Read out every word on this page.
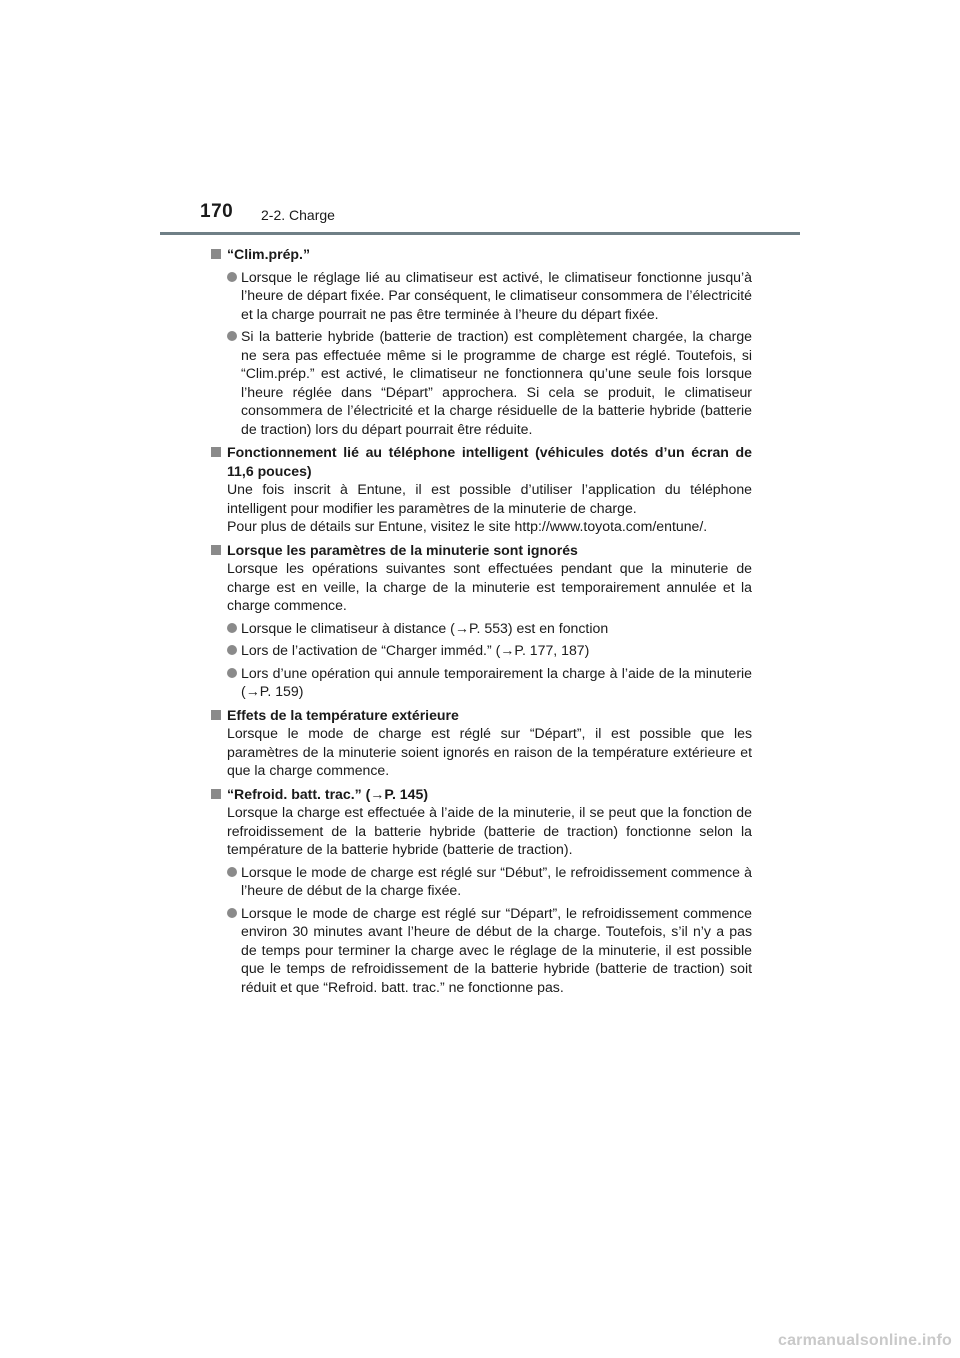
170 2-2. Charge
“Clim.prép.”
Lorsque le réglage lié au climatiseur est activé, le climatiseur fonctionne jusqu’à l’heure de départ fixée. Par conséquent, le climatiseur consommera de l’électricité et la charge pourrait ne pas être terminée à l’heure du départ fixée.
Si la batterie hybride (batterie de traction) est complètement chargée, la charge ne sera pas effectuée même si le programme de charge est réglé. Toutefois, si “Clim.prép.” est activé, le climatiseur ne fonctionnera qu’une seule fois lorsque l’heure réglée dans “Départ” approchera. Si cela se produit, le climatiseur consommera de l’électricité et la charge résiduelle de la batterie hybride (batterie de traction) lors du départ pourrait être réduite.
Fonctionnement lié au téléphone intelligent (véhicules dotés d’un écran de 11,6 pouces)
Une fois inscrit à Entune, il est possible d’utiliser l’application du téléphone intelligent pour modifier les paramètres de la minuterie de charge.
Pour plus de détails sur Entune, visitez le site http://www.toyota.com/entune/.
Lorsque les paramètres de la minuterie sont ignorés
Lorsque les opérations suivantes sont effectuées pendant que la minuterie de charge est en veille, la charge de la minuterie est temporairement annulée et la charge commence.
Lorsque le climatiseur à distance (→P. 553) est en fonction
Lors de l’activation de “Charger imméd.” (→P. 177, 187)
Lors d’une opération qui annule temporairement la charge à l’aide de la minuterie (→P. 159)
Effets de la température extérieure
Lorsque le mode de charge est réglé sur “Départ”, il est possible que les paramètres de la minuterie soient ignorés en raison de la température extérieure et que la charge commence.
“Refroid. batt. trac.” (→P. 145)
Lorsque la charge est effectuée à l’aide de la minuterie, il se peut que la fonction de refroidissement de la batterie hybride (batterie de traction) fonctionne selon la température de la batterie hybride (batterie de traction).
Lorsque le mode de charge est réglé sur “Début”, le refroidissement commence à l’heure de début de la charge fixée.
Lorsque le mode de charge est réglé sur “Départ”, le refroidissement commence environ 30 minutes avant l’heure de début de la charge. Toutefois, s’il n’y a pas de temps pour terminer la charge avec le réglage de la minuterie, il est possible que le temps de refroidissement de la batterie hybride (batterie de traction) soit réduit et que “Refroid. batt. trac.” ne fonctionne pas.
carmanualsonline.info
